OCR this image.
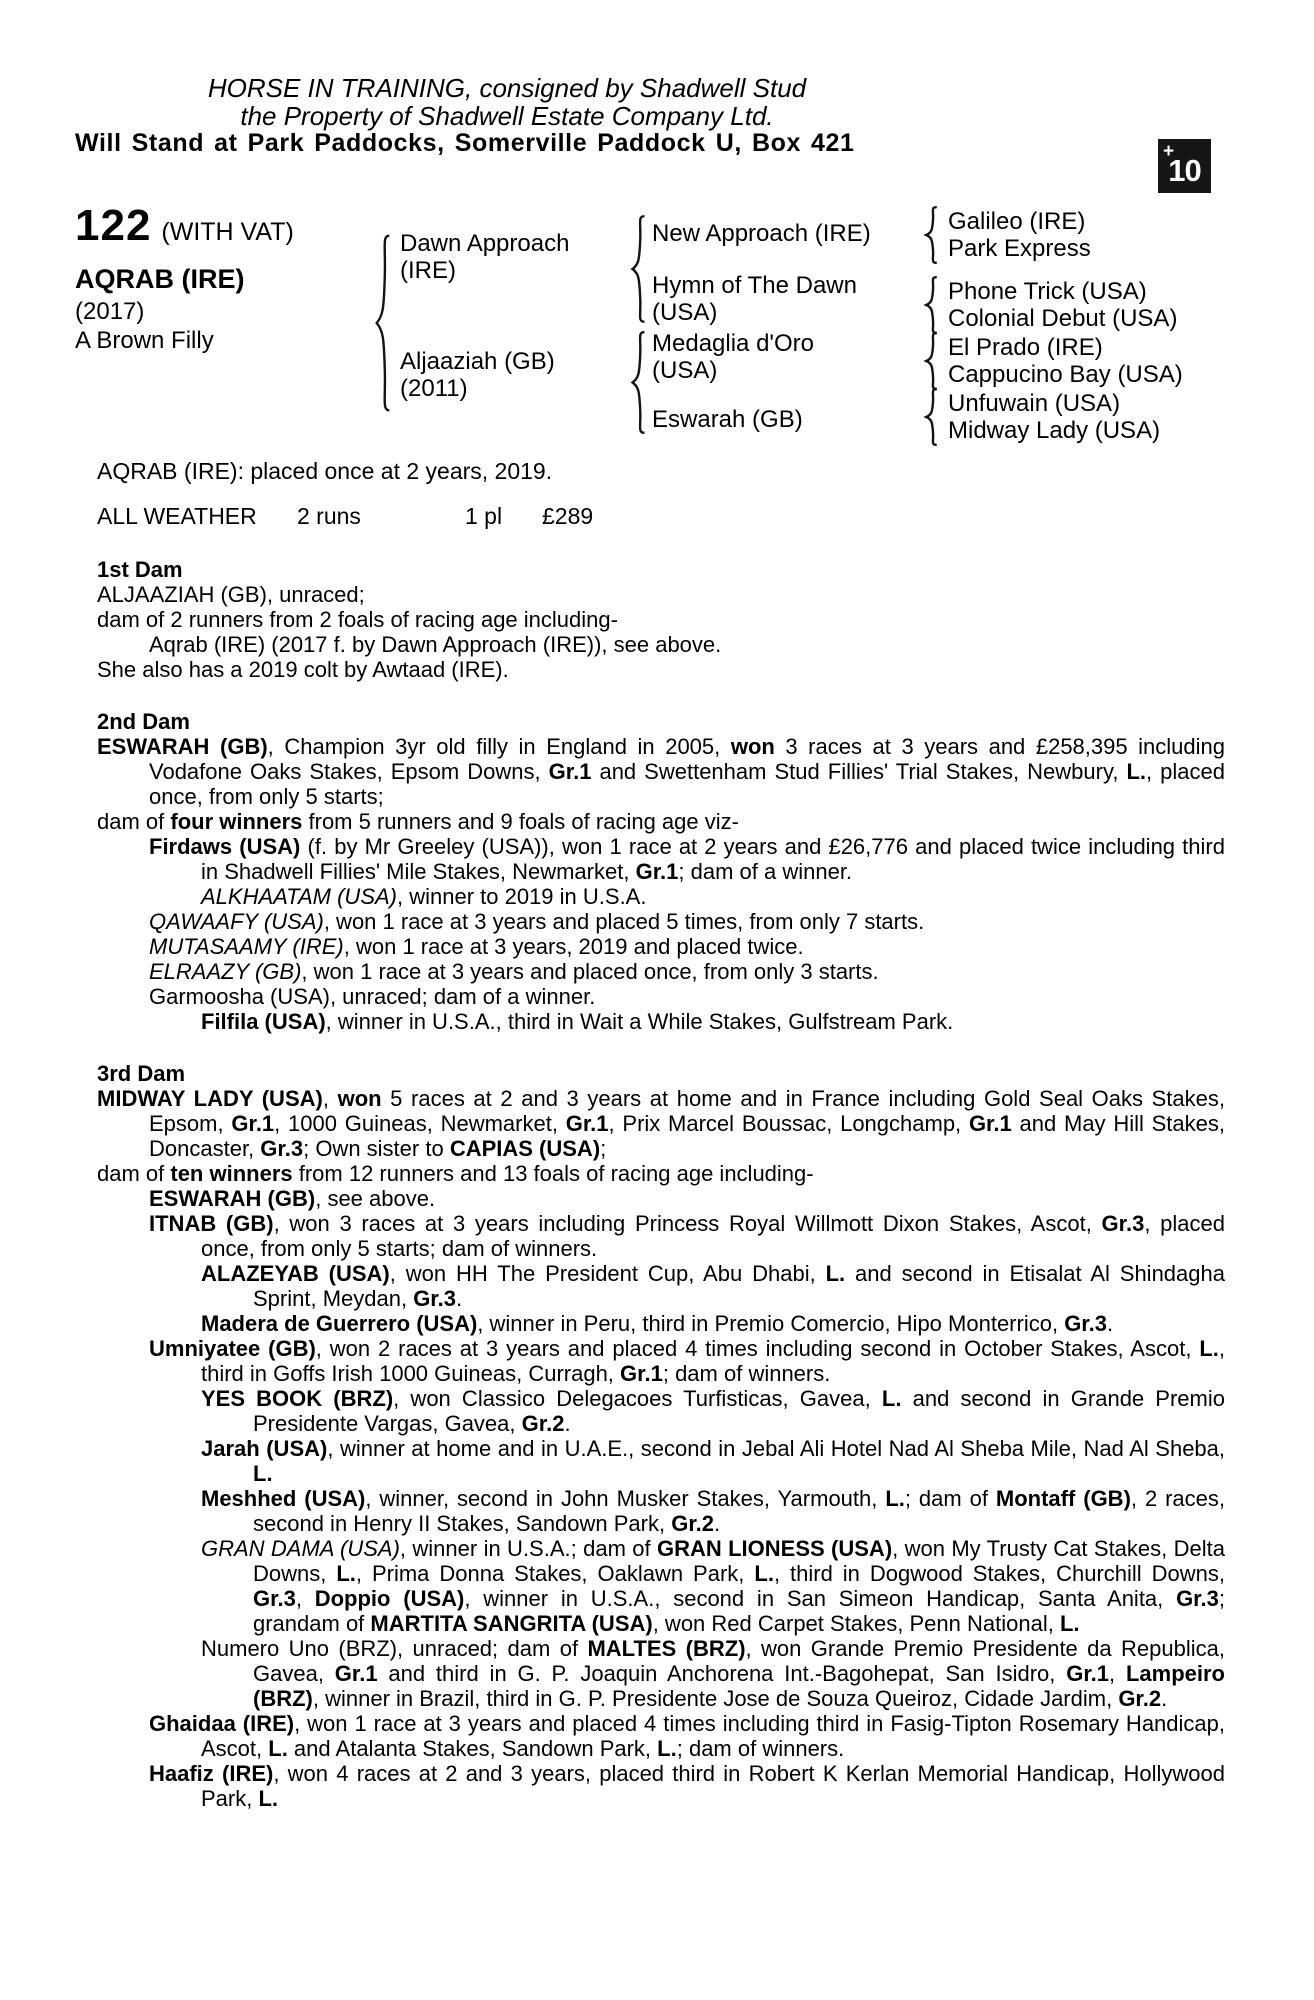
HORSE IN TRAINING, consigned by Shadwell Stud
the Property of Shadwell Estate Company Ltd.
Will Stand at Park Paddocks, Somerville Paddock U, Box 421	+
10
122 (WITH VAT)
AQRAB (IRE)
(2017)
A Brown Filly
Dawn Approach
(IRE)
Aljaaziah (GB)
(2011)
New Approach (IRE)
Hymn of The Dawn
(USA)
Medaglia d'Oro
(USA)
Eswarah (GB)
Galileo (IRE)
Park Express
Phone Trick (USA)
Colonial Debut (USA)
El Prado (IRE)
Cappucino Bay (USA)
Unfuwain (USA)
Midway Lady (USA)
AQRAB (IRE): placed once at 2 years, 2019.
ALL WEATHER 2 runs	1 pl £289
1st Dam

ALJAAZIAH (GB), unraced;

dam of 2 runners from 2 foals of racing age including-

Aqrab (IRE) (2017 f. by Dawn Approach (IRE)), see above.

She also has a 2019 colt by Awtaad (IRE).

2nd Dam

ESWARAH (GB), Champion 3yr old filly in England in 2005, won 3 races at 3 years and £258,395 including Vodafone Oaks Stakes, Epsom Downs, Gr.1 and Swettenham Stud Fillies' Trial Stakes, Newbury, L., placed once, from only 5 starts;

dam of four winners from 5 runners and 9 foals of racing age viz-

Firdaws (USA) (f. by Mr Greeley (USA)), won 1 race at 2 years and £26,776 and placed twice including third in Shadwell Fillies' Mile Stakes, Newmarket, Gr.1; dam of a winner.

ALKHAATAM (USA), winner to 2019 in U.S.A.

QAWAAFY (USA), won 1 race at 3 years and placed 5 times, from only 7 starts.

MUTASAAMY (IRE), won 1 race at 3 years, 2019 and placed twice.

ELRAAZY (GB), won 1 race at 3 years and placed once, from only 3 starts.

Garmoosha (USA), unraced; dam of a winner.

Filfila (USA), winner in U.S.A., third in Wait a While Stakes, Gulfstream Park.

3rd Dam

MIDWAY LADY (USA), won 5 races at 2 and 3 years at home and in France including Gold Seal Oaks Stakes, Epsom, Gr.1, 1000 Guineas, Newmarket, Gr.1, Prix Marcel Boussac, Longchamp, Gr.1 and May Hill Stakes, Doncaster, Gr.3; Own sister to CAPIAS (USA);

dam of ten winners from 12 runners and 13 foals of racing age including-

ESWARAH (GB), see above.

ITNAB (GB), won 3 races at 3 years including Princess Royal Willmott Dixon Stakes, Ascot, Gr.3, placed once, from only 5 starts; dam of winners.

ALAZEYAB (USA), won HH The President Cup, Abu Dhabi, L. and second in Etisalat Al Shindagha Sprint, Meydan, Gr.3.

Madera de Guerrero (USA), winner in Peru, third in Premio Comercio, Hipo Monterrico, Gr.3.

Umniyatee (GB), won 2 races at 3 years and placed 4 times including second in October Stakes, Ascot, L., third in Goffs Irish 1000 Guineas, Curragh, Gr.1; dam of winners.

YES BOOK (BRZ), won Classico Delegacoes Turfisticas, Gavea, L. and second in Grande Premio Presidente Vargas, Gavea, Gr.2.

Jarah (USA), winner at home and in U.A.E., second in Jebal Ali Hotel Nad Al Sheba Mile, Nad Al Sheba, L.

Meshhed (USA), winner, second in John Musker Stakes, Yarmouth, L.; dam of Montaff (GB), 2 races, second in Henry II Stakes, Sandown Park, Gr.2.

GRAN DAMA (USA), winner in U.S.A.; dam of GRAN LIONESS (USA), won My Trusty Cat Stakes, Delta Downs, L., Prima Donna Stakes, Oaklawn Park, L., third in Dogwood Stakes, Churchill Downs, Gr.3, Doppio (USA), winner in U.S.A., second in San Simeon Handicap, Santa Anita, Gr.3; grandam of MARTITA SANGRITA (USA), won Red Carpet Stakes, Penn National, L.

Numero Uno (BRZ), unraced; dam of MALTES (BRZ), won Grande Premio Presidente da Republica, Gavea, Gr.1 and third in G. P. Joaquin Anchorena Int.-Bagohepat, San Isidro, Gr.1, Lampeiro (BRZ), winner in Brazil, third in G. P. Presidente Jose de Souza Queiroz, Cidade Jardim, Gr.2.

Ghaidaa (IRE), won 1 race at 3 years and placed 4 times including third in Fasig-Tipton Rosemary Handicap, Ascot, L. and Atalanta Stakes, Sandown Park, L.; dam of winners.

Haafiz (IRE), won 4 races at 2 and 3 years, placed third in Robert K Kerlan Memorial Handicap, Hollywood Park, L.
